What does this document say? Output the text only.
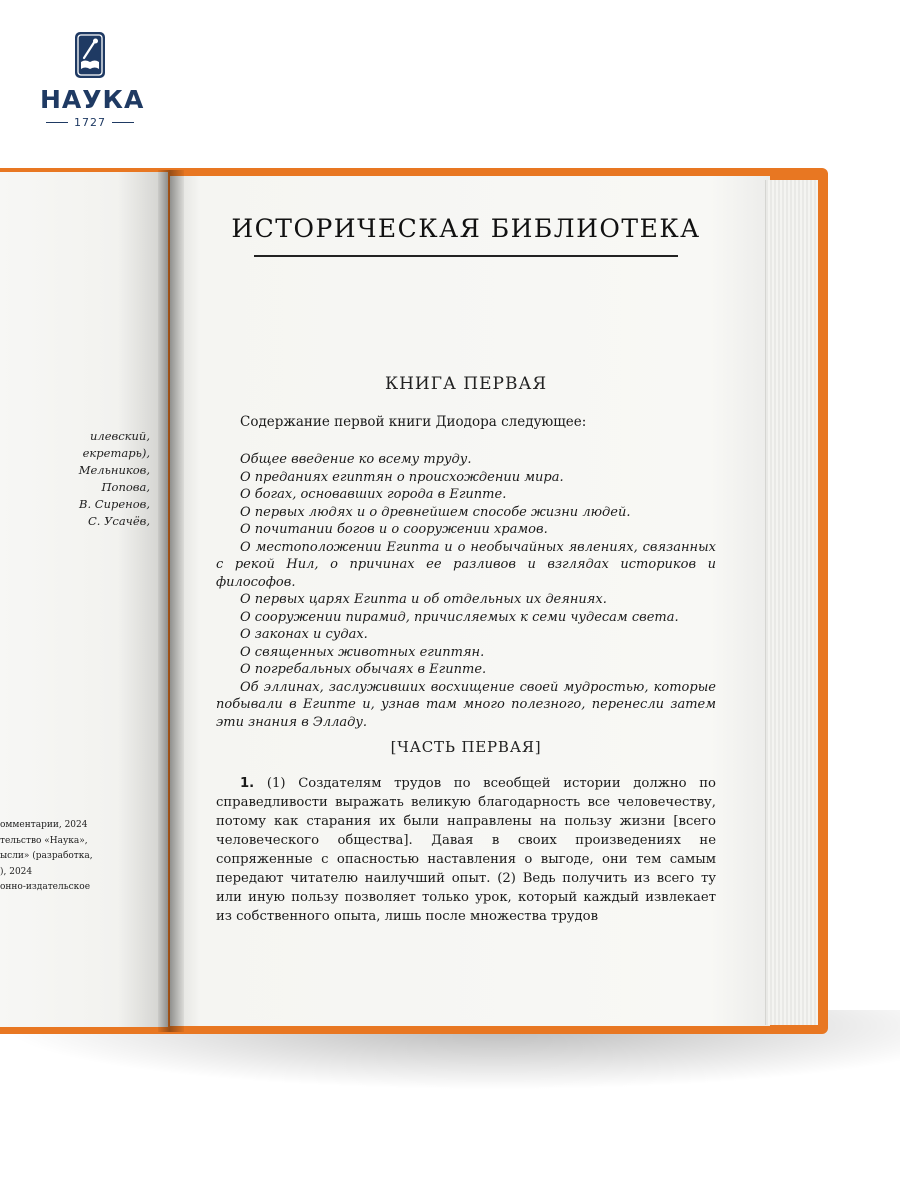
НАУКА
1727
илевский,
екретарь),
Мельников,
Попова,
В. Сиренов,
С. Усачёв,
омментарии, 2024
тельство «Наука»,
ысли» (разработка,
), 2024
онно-издательское
ИСТОРИЧЕСКАЯ БИБЛИОТЕКА
КНИГА ПЕРВАЯ
Содержание первой книги Диодора следующее:

Общее введение ко всему труду.

О преданиях египтян о происхождении мира.

О богах, основавших города в Египте.

О первых людях и о древнейшем способе жизни людей.

О почитании богов и о сооружении храмов.

О местоположении Египта и о необычайных явлениях, связанных с рекой Нил, о причинах ее разливов и взглядах историков и философов.

О первых царях Египта и об отдельных их деяниях.

О сооружении пирамид, причисляемых к семи чудесам света.

О законах и судах.

О священных животных египтян.

О погребальных обычаях в Египте.

Об эллинах, заслуживших восхищение своей мудростью, которые побывали в Египте и, узнав там много полезного, перенесли затем эти знания в Элладу.

[ЧАСТЬ ПЕРВАЯ]
1. (1) Создателям трудов по всеобщей истории должно по справедливости выражать великую благодарность все человечеству, потому как старания их были направлены на пользу жизни [всего человеческого общества]. Давая в своих произведениях не сопряженные с опасностью наставления о выгоде, они тем самым передают читателю наилучший опыт. (2) Ведь получить из всего ту или иную пользу позволяет только урок, который каждый извлекает из собственного опыта, лишь после множества трудов
